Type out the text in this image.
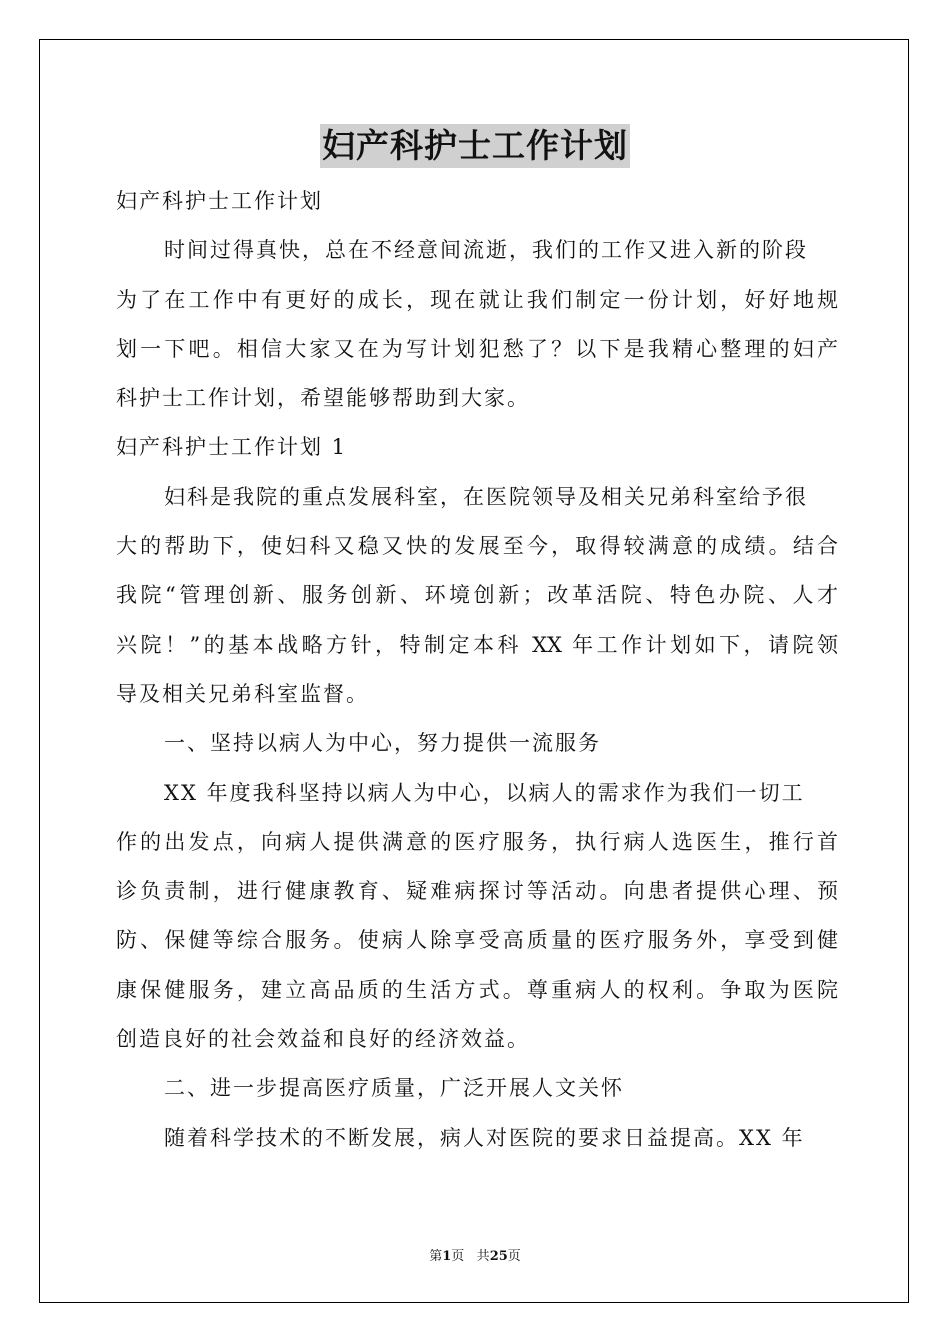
妇产科护士工作计划
妇产科护士工作计划
时间过得真快，总在不经意间流逝，我们的工作又进入新的阶段
为了在工作中有更好的成长，现在就让我们制定一份计划，好好地规
划一下吧。相信大家又在为写计划犯愁了？以下是我精心整理的妇产
科护士工作计划，希望能够帮助到大家。
妇产科护士工作计划 1
妇科是我院的重点发展科室，在医院领导及相关兄弟科室给予很
大的帮助下，使妇科又稳又快的发展至今，取得较满意的成绩。结合
我院“管理创新、服务创新、环境创新；改革活院、特色办院、人才
兴院！”的基本战略方针，特制定本科 XX 年工作计划如下，请院领
导及相关兄弟科室监督。
一、坚持以病人为中心，努力提供一流服务
XX 年度我科坚持以病人为中心，以病人的需求作为我们一切工
作的出发点，向病人提供满意的医疗服务，执行病人选医生，推行首
诊负责制，进行健康教育、疑难病探讨等活动。向患者提供心理、预
防、保健等综合服务。使病人除享受高质量的医疗服务外，享受到健
康保健服务，建立高品质的生活方式。尊重病人的权利。争取为医院
创造良好的社会效益和良好的经济效益。
二、进一步提高医疗质量，广泛开展人文关怀
随着科学技术的不断发展，病人对医院的要求日益提高。XX 年
第1页 共25页
